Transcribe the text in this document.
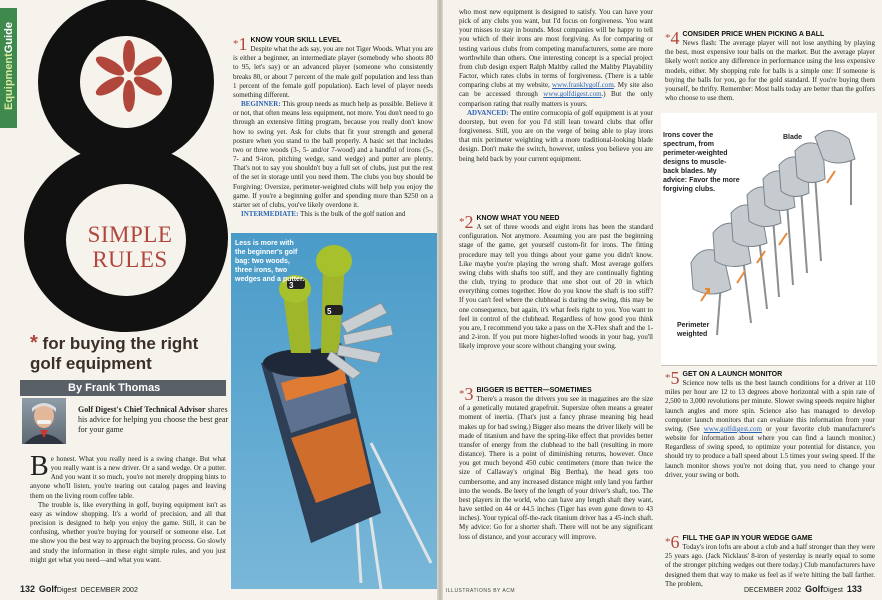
EquipmentGuide
SIMPLE
RULES
* for buying the right golf equipment
By Frank Thomas
Golf Digest's Chief Technical Advisor shares his advice for helping you choose the best gear for your game

Be honest. What you really need is a swing change. But what you really want is a new driver. Or a sand wedge. Or a putter. And you want it so much, you're not merely dropping hints to anyone who'll listen, you're tearing out catalog pages and leaving them on the living room coffee table.

The trouble is, like everything in golf, buying equipment isn't as easy as window shopping. It's a world of precision, and all that precision is designed to help you enjoy the game. Still, it can be confusing, whether you're buying for yourself or someone else. Let me show you the best way to approach the buying process. Go slowly and study the information in these eight simple rules, and you just might get what you need—and what you want.

*1 KNOW YOUR SKILL LEVEL
Despite what the ads say, you are not Tiger Woods. What you are is either a beginner, an intermediate player (somebody who shoots 80 to 95, let's say) or an advanced player (someone who consistently breaks 80, or about 7 percent of the male golf population and less than 1 percent of the female golf population). Each level of player needs something different.

BEGINNER: This group needs as much help as possible. Believe it or not, that often means less equipment, not more. You don't need to go through an extensive fitting program, because you really don't know how to swing yet. Ask for clubs that fit your strength and general posture when you stand to the ball properly. A basic set that includes two or three woods (3-, 5- and/or 7-wood) and a handful of irons (5-, 7- and 9-iron, pitching wedge, sand wedge) and putter are plenty. That's not to say you shouldn't buy a full set of clubs, just put the rest of the set in storage until you need them. The clubs you buy should be Forgiving: Oversize, perimeter-weighted clubs will help you enjoy the game. If you're a beginning golfer and spending more than $250 on a starter set of clubs, you've likely overdone it.

INTERMEDIATE: This is the bulk of the golf nation and

3
5
Less is more with the beginner's golf bag: two woods, three irons, two wedges and a putter.
132 GolfDigest DECEMBER 2002

who most new equipment is designed to satisfy. You can have your pick of any clubs you want, but I'd focus on forgiveness. You want your misses to stay in bounds. Most companies will be happy to tell you which of their irons are most forgiving. As for comparing or testing various clubs from competing manufacturers, some are more worthwhile than others. One interesting concept is a special project from club design expert Ralph Maltby called the Maltby Playability Factor, which rates clubs in terms of forgiveness. (There is a table comparing clubs at my website, www.franklygolf.com. My site also can be accessed through www.golfdigest.com.) But the only comparison rating that really matters is yours.

ADVANCED: The entire cornucopia of golf equipment is at your doorstep, but even for you I'd still lean toward clubs that offer forgiveness. Still, you are on the verge of being able to play irons that mix perimeter weighting with a more traditional-looking blade design. Don't make the switch, however, unless you believe you are being held back by your current equipment.

*2 KNOW WHAT YOU NEED
A set of three woods and eight irons has been the standard configuration. Not anymore. Assuming you are past the beginning stage of the game, get yourself custom-fit for irons. The fitting procedure may tell you things about your game you didn't know. Like maybe you're playing the wrong shaft. Most average golfers swing clubs with shafts too stiff, and they are continually fighting the club, trying to produce that one shot out of 20 in which everything comes together. How do you know the shaft is too stiff? If you can't feel where the clubhead is during the swing, this may be one consequence, but again, it's what feels right to you. You want to feel in control of the clubhead. Regardless of how good you think you are, I recommend you take a pass on the X-Flex shaft and the 1- and 2-iron. If you put more higher-lofted woods in your bag, you'll likely improve your score without changing your swing.

*3 BIGGER IS BETTER—SOMETIMES
There's a reason the drivers you see in magazines are the size of a genetically mutated grapefruit. Supersize often means a greater moment of inertia. (That's just a fancy phrase meaning big head makes up for bad swing.) Bigger also means the driver likely will be made of titanium and have the spring-like effect that provides better transfer of energy from the clubhead to the ball (resulting in more distance). There is a point of diminishing returns, however. Once you get much beyond 450 cubic centimeters (more than twice the size of Callaway's original Big Bertha), the head gets too cumbersome, and any increased distance might only land you farther into the woods. Be leery of the length of your driver's shaft, too. The best players in the world, who can have any length shaft they want, have settled on 44 or 44.5 inches (Tiger has even gone down to 43 inches). Your typical off-the-rack titanium driver has a 45-inch shaft. My advice: Go for a shorter shaft. There will not be any significant loss of distance, and your accuracy will improve.

ILLUSTRATIONS BY ACM

*4 CONSIDER PRICE WHEN PICKING A BALL
News flash: The average player will not lose anything by playing the best, most expensive tour balls on the market. But the average player likely won't notice any difference in performance using the less expensive models, either. My shopping rule for balls is a simple one: If someone is buying the balls for you, go for the gold standard. If you're buying them yourself, be thrifty. Remember: Most balls today are better than the golfers who choose to use them.

Irons cover the spectrum, from perimeter-weighted designs to muscle-back blades. My advice: Favor the more forgiving clubs.
Blade
Perimeter weighted

*5 GET ON A LAUNCH MONITOR
Science now tells us the best launch conditions for a driver at 110 miles per hour are 12 to 13 degrees above horizontal with a spin rate of 2,500 to 3,000 revolutions per minute. Slower swing speeds require higher launch angles and more spin. Science also has managed to develop computer launch monitors that can evaluate this information from your swing. (See www.golfdigest.com or your favorite club manufacturer's website for information about where you can find a launch monitor.) Regardless of swing speed, to optimize your potential for distance, you should try to produce a ball speed about 1.5 times your swing speed. If the launch monitor shows you're not doing that, you need to change your driver, your swing or both.

*6 FILL THE GAP IN YOUR WEDGE GAME
Today's iron lofts are about a club and a half stronger than they were 25 years ago. (Jack Nicklaus' 8-iron of yesterday is nearly equal to some of the stronger pitching wedges out there today.) Club manufacturers have designed them that way to make us feel as if we're hitting the ball farther. The problem,

DECEMBER 2002 GolfDigest 133
